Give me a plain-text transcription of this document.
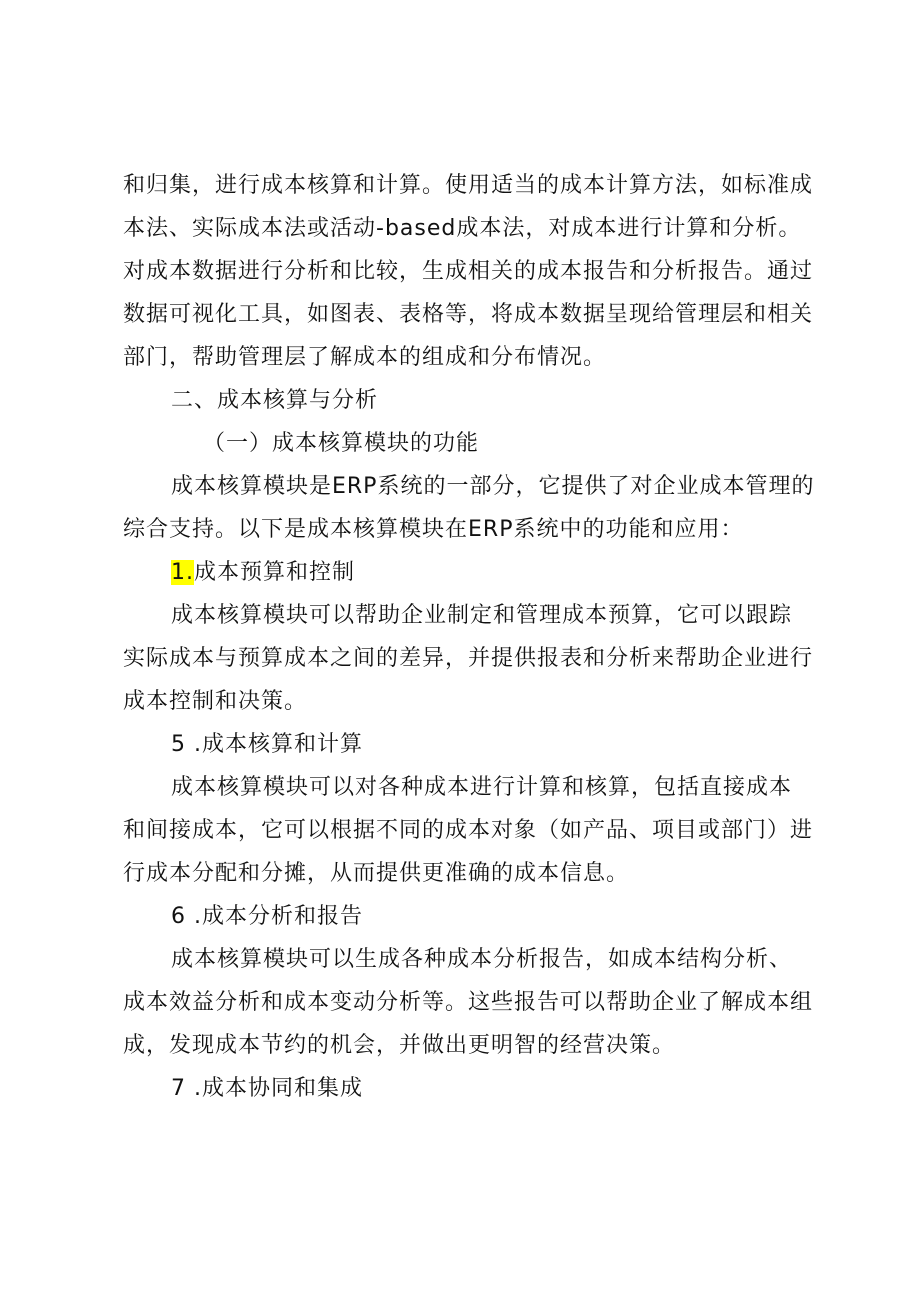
和归集，进行成本核算和计算。使用适当的成本计算方法，如标准成
本法、实际成本法或活动-based成本法，对成本进行计算和分析。
对成本数据进行分析和比较，生成相关的成本报告和分析报告。通过
数据可视化工具，如图表、表格等，将成本数据呈现给管理层和相关
部门，帮助管理层了解成本的组成和分布情况。
二、成本核算与分析
（一）成本核算模块的功能
成本核算模块是ERP系统的一部分，它提供了对企业成本管理的
综合支持。以下是成本核算模块在ERP系统中的功能和应用：
1.成本预算和控制
成本核算模块可以帮助企业制定和管理成本预算，它可以跟踪
实际成本与预算成本之间的差异，并提供报表和分析来帮助企业进行
成本控制和决策。
5 .成本核算和计算
成本核算模块可以对各种成本进行计算和核算，包括直接成本
和间接成本，它可以根据不同的成本对象（如产品、项目或部门）进
行成本分配和分摊，从而提供更准确的成本信息。
6 .成本分析和报告
成本核算模块可以生成各种成本分析报告，如成本结构分析、
成本效益分析和成本变动分析等。这些报告可以帮助企业了解成本组
成，发现成本节约的机会，并做出更明智的经营决策。
7 .成本协同和集成
